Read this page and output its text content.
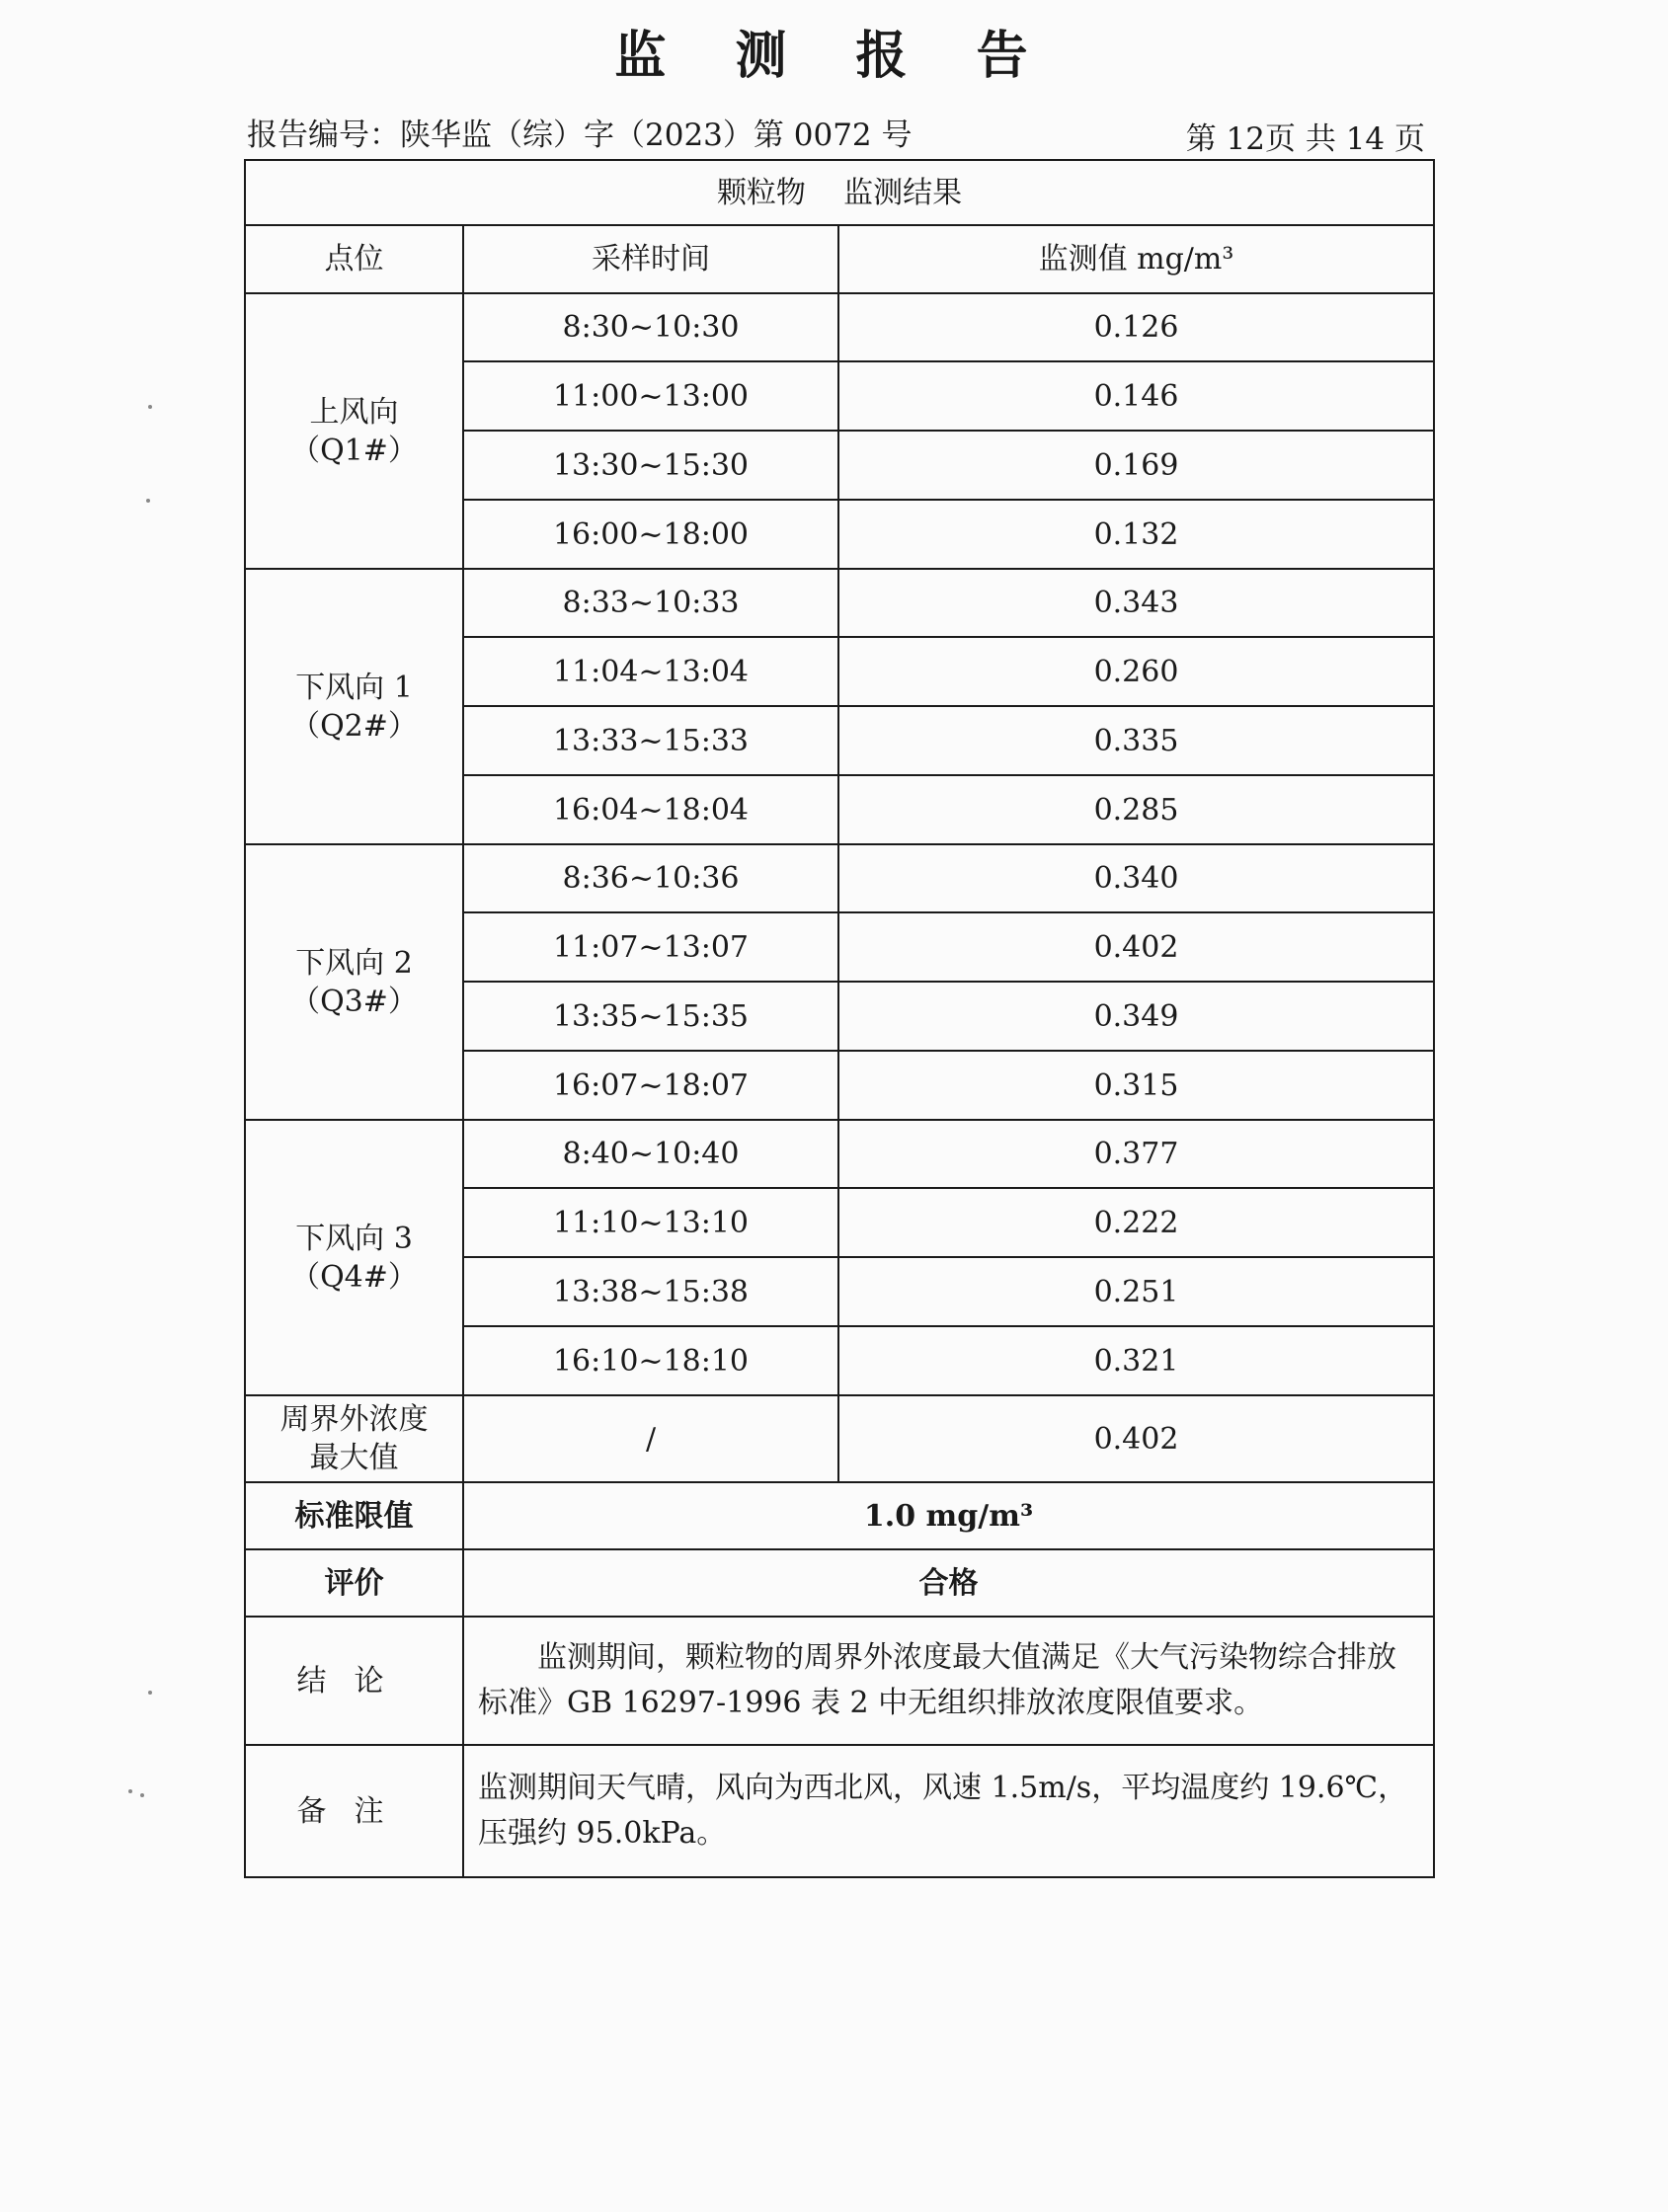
监 测 报 告
报告编号：陕华监（综）字（2023）第 0072 号	第 12页 共 14 页
颗粒物    监测结果		
点位	采样时间	监测值 mg/m³

上风向
（Q1#）	8:30~10:30	0.126
	11:00~13:00	0.146
	13:30~15:30	0.169
	16:00~18:00	0.132

下风向 1
（Q2#）	8:33~10:33	0.343
	11:04~13:04	0.260
	13:33~15:33	0.335
	16:04~18:04	0.285

下风向 2
（Q3#）	8:36~10:36	0.340
	11:07~13:07	0.402
	13:35~15:35	0.349
	16:07~18:07	0.315

下风向 3
（Q4#）	8:40~10:40	0.377
	11:10~13:10	0.222
	13:38~15:38	0.251
	16:10~18:10	0.321

周界外浓度
最大值	/	0.402
标准限值	1.0 mg/m³	
评价	合格	
结论	监测期间，颗粒物的周界外浓度最大值满足《大气污染物综合排放标准》GB 16297-1996 表 2 中无组织排放浓度限值要求。	
备注	监测期间天气晴，风向为西北风，风速 1.5m/s，平均温度约 19.6℃，压强约 95.0kPa。	
